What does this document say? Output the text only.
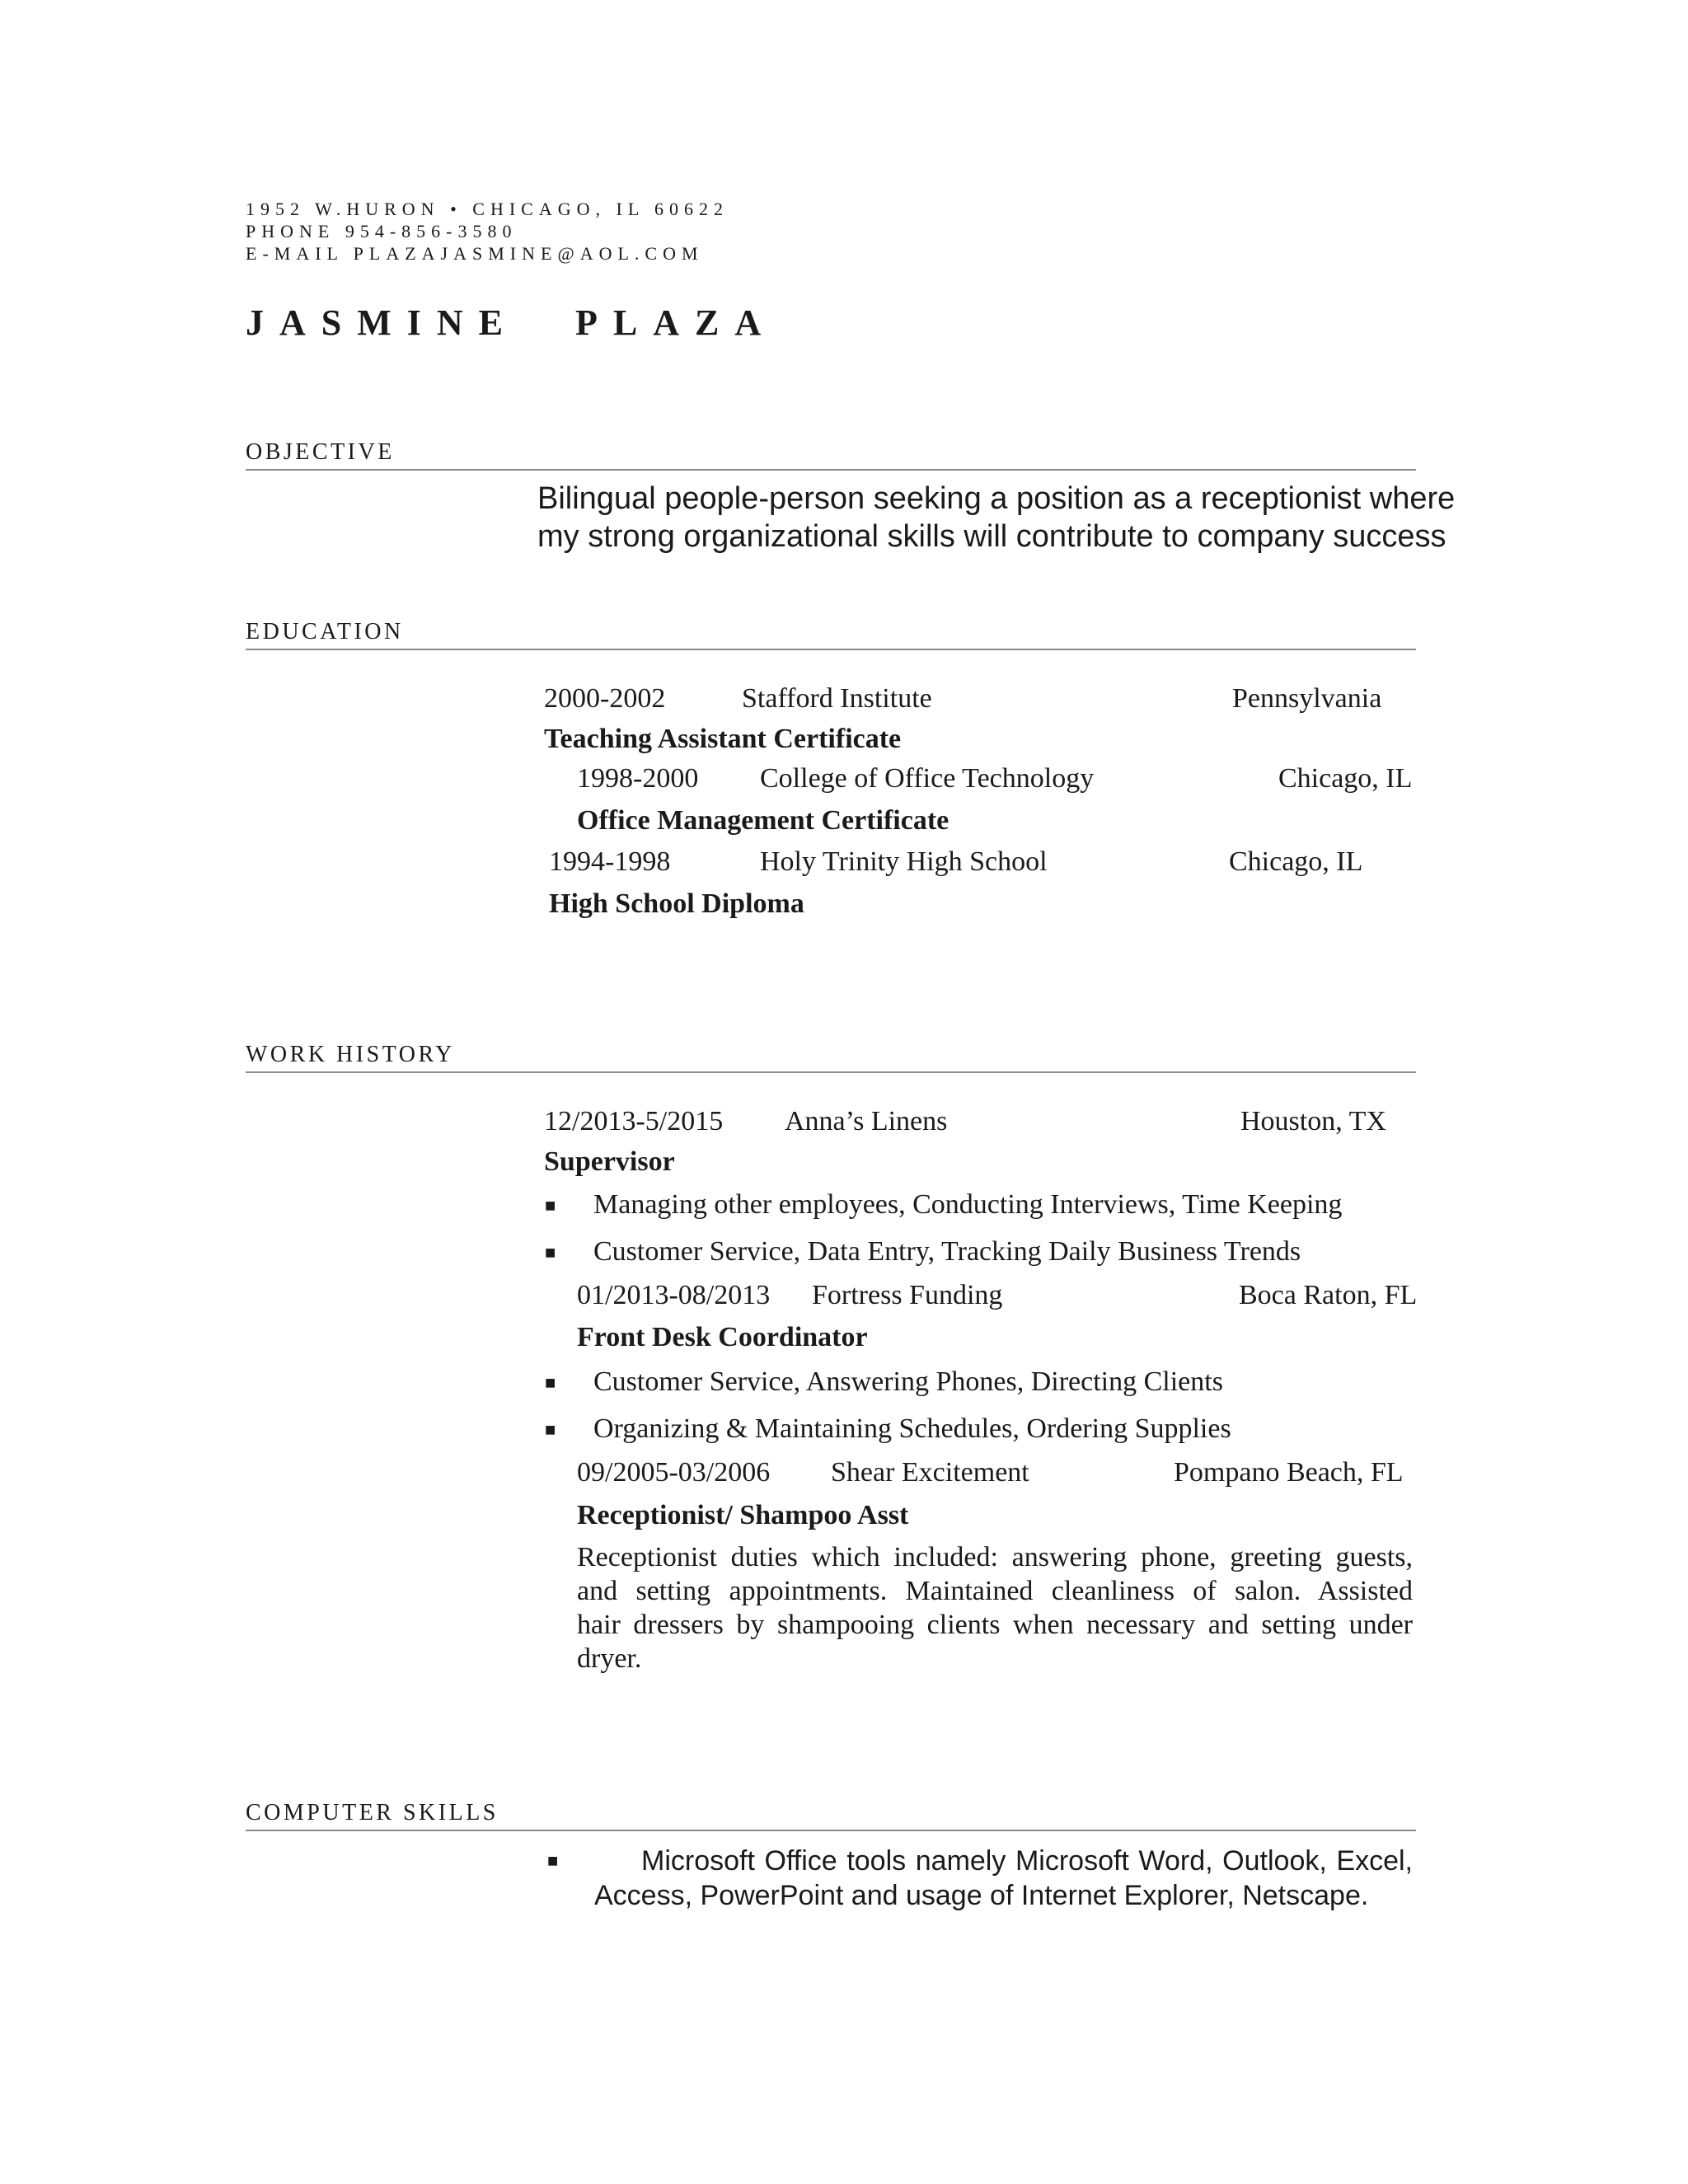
1952 W.HURON • CHICAGO, IL 60622
PHONE 954-856-3580
E-MAIL PLAZAJASMINE@AOL.COM
JASMINE PLAZA
OBJECTIVE
Bilingual people-person seeking a position as a receptionist where
my strong organizational skills will contribute to company success
EDUCATION
2000-2002	Stafford Institute	Pennsylvania
Teaching Assistant Certificate
1998-2000 College of Office Technology	Chicago, IL
Office Management Certificate
1994-1998	Holy Trinity High School	Chicago, IL
High School Diploma
WORK HISTORY
12/2013-5/2015 Anna’s Linens	Houston, TX
Supervisor
■ Managing other employees, Conducting Interviews, Time Keeping
■ Customer Service, Data Entry, Tracking Daily Business Trends
01/2013-08/2013 Fortress Funding	Boca Raton, FL
Front Desk Coordinator
■ Customer Service, Answering Phones, Directing Clients
■ Organizing & Maintaining Schedules, Ordering Supplies
09/2005-03/2006 Shear Excitement	Pompano Beach, FL
Receptionist/ Shampoo Asst
Receptionist duties which included: answering phone, greeting guests,
and setting appointments. Maintained cleanliness of salon. Assisted
hair dressers by shampooing clients when necessary and setting under
dryer.
COMPUTER SKILLS
■	Microsoft Office tools namely Microsoft Word, Outlook, Excel,
Access, PowerPoint and usage of Internet Explorer, Netscape.
